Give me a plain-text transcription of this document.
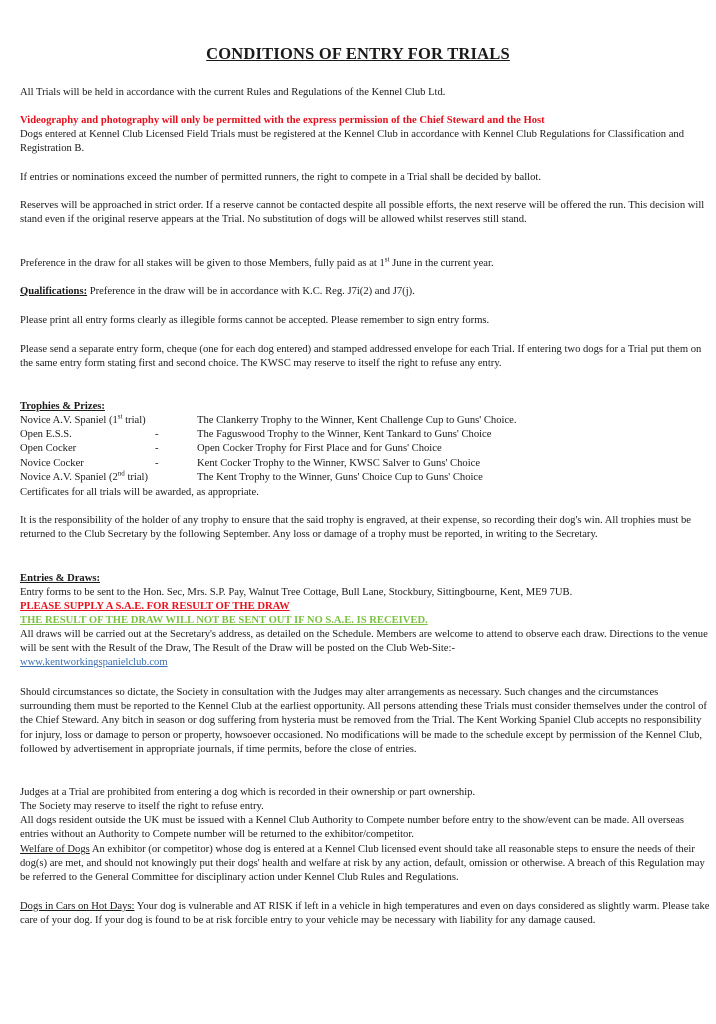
CONDITIONS OF ENTRY FOR TRIALS

All Trials will be held in accordance with the current Rules and Regulations of the Kennel Club Ltd.

Videography and photography will only be permitted with the express permission of the Chief Steward and the Host

Dogs entered at Kennel Club Licensed Field Trials must be registered at the Kennel Club in accordance with Kennel Club Regulations for Classification and Registration B.

If entries or nominations exceed the number of permitted runners, the right to compete in a Trial shall be decided by ballot.

Reserves will be approached in strict order. If a reserve cannot be contacted despite all possible efforts, the next reserve will be offered the run. This decision will stand even if the original reserve appears at the Trial. No substitution of dogs will be allowed whilst reserves still stand.

Preference in the draw for all stakes will be given to those Members, fully paid as at 1st June in the current year.

Qualifications: Preference in the draw will be in accordance with K.C. Reg. J7i(2) and J7(j).

Please print all entry forms clearly as illegible forms cannot be accepted. Please remember to sign entry forms.

Please send a separate entry form, cheque (one for each dog entered) and stamped addressed envelope for each Trial. If entering two dogs for a Trial put them on the same entry form stating first and second choice. The KWSC may reserve to itself the right to refuse any entry.

Trophies & Prizes:

Novice A.V. Spaniel (1st trial)	The Clankerry Trophy to the Winner, Kent Challenge Cup to Guns' Choice.
Open E.S.S.	-	The Faguswood Trophy to the Winner, Kent Tankard to Guns' Choice
Open Cocker	-	Open Cocker Trophy for First Place and for Guns' Choice
Novice Cocker	-	Kent Cocker Trophy to the Winner, KWSC Salver to Guns' Choice
Novice A.V. Spaniel (2nd trial)	The Kent Trophy to the Winner, Guns' Choice Cup to Guns' Choice

Certificates for all trials will be awarded, as appropriate.

It is the responsibility of the holder of any trophy to ensure that the said trophy is engraved, at their expense, so recording their dog's win. All trophies must be returned to the Club Secretary by the following September. Any loss or damage of a trophy must be reported, in writing to the Secretary.

Entries & Draws:

Entry forms to be sent to the Hon. Sec, Mrs. S.P. Pay, Walnut Tree Cottage, Bull Lane, Stockbury, Sittingbourne, Kent, ME9 7UB.

PLEASE SUPPLY A S.A.E. FOR RESULT OF THE DRAW

THE RESULT OF THE DRAW WILL NOT BE SENT OUT IF NO S.A.E. IS RECEIVED.

All draws will be carried out at the Secretary's address, as detailed on the Schedule. Members are welcome to attend to observe each draw. Directions to the venue will be sent with the Result of the Draw, The Result of the Draw will be posted on the Club Web-Site:-
www.kentworkingspanielclub.com

Should circumstances so dictate, the Society in consultation with the Judges may alter arrangements as necessary. Such changes and the circumstances surrounding them must be reported to the Kennel Club at the earliest opportunity. All persons attending these Trials must consider themselves under the control of the Chief Steward. Any bitch in season or dog suffering from hysteria must be removed from the Trial. The Kent Working Spaniel Club accepts no responsibility for injury, loss or damage to person or property, howsoever occasioned. No modifications will be made to the schedule except by permission of the Kennel Club, followed by advertisement in appropriate journals, if time permits, before the close of entries.

Judges at a Trial are prohibited from entering a dog which is recorded in their ownership or part ownership.

The Society may reserve to itself the right to refuse entry.

All dogs resident outside the UK must be issued with a Kennel Club Authority to Compete number before entry to the show/event can be made. All overseas entries without an Authority to Compete number will be returned to the exhibitor/competitor.

Welfare of Dogs An exhibitor (or competitor) whose dog is entered at a Kennel Club licensed event should take all reasonable steps to ensure the needs of their dog(s) are met, and should not knowingly put their dogs' health and welfare at risk by any action, default, omission or otherwise. A breach of this Regulation may be referred to the General Committee for disciplinary action under Kennel Club Rules and Regulations.

Dogs in Cars on Hot Days: Your dog is vulnerable and AT RISK if left in a vehicle in high temperatures and even on days considered as slightly warm. Please take care of your dog. If your dog is found to be at risk forcible entry to your vehicle may be necessary with liability for any damage caused.
